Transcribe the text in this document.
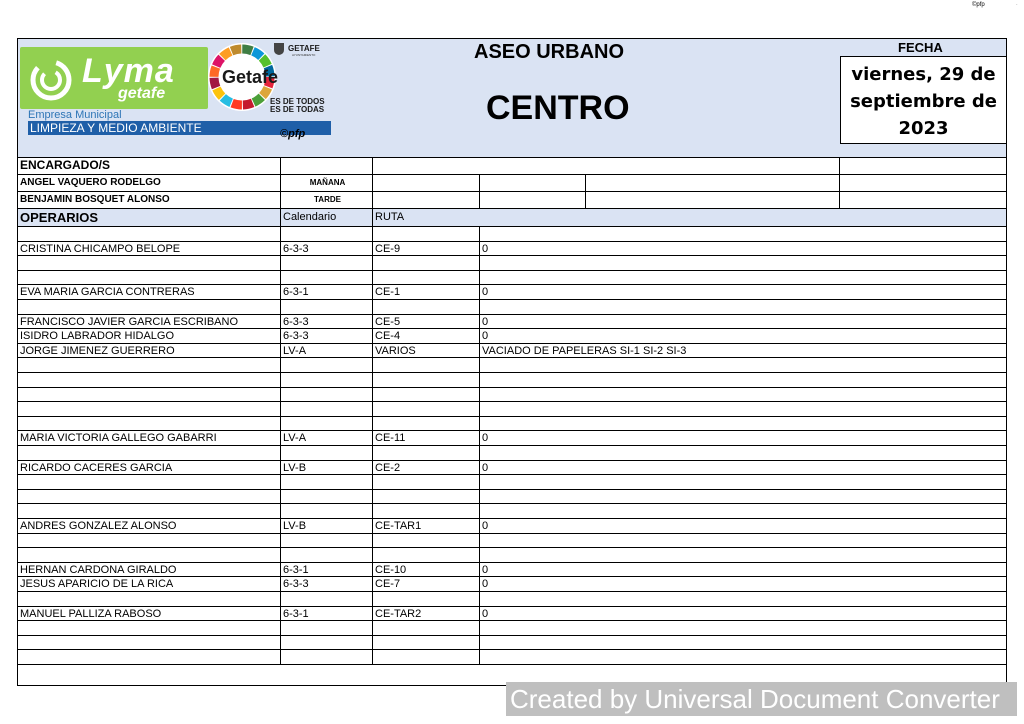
©pfp	.
Lyma
getafe
Empresa Municipal
LIMPIEZA Y MEDIO AMBIENTE
Getafe
GETAFE
AYUNTAMIENTO
ES DE TODOS
ES DE TODAS
©pfp
ASEO URBANO
CENTRO
FECHA
viernes, 29 de
septiembre de
2023
ENCARGADO/S
ANGEL VAQUERO RODELGO	MAÑANA
BENJAMIN BOSQUET ALONSO	TARDE
OPERARIOS	Calendario	RUTA
CRISTINA CHICAMPO BELOPE	6-3-3	CE-9	0
EVA MARIA GARCIA CONTRERAS	6-3-1	CE-1	0
FRANCISCO JAVIER GARCIA ESCRIBANO	6-3-3	CE-5	0
ISIDRO LABRADOR HIDALGO	6-3-3	CE-4	0
JORGE JIMENEZ GUERRERO	LV-A	VARIOS	VACIADO DE PAPELERAS SI-1 SI-2 SI-3
MARIA VICTORIA GALLEGO GABARRI	LV-A	CE-11	0
RICARDO CACERES GARCIA	LV-B	CE-2	0
ANDRES GONZALEZ ALONSO	LV-B	CE-TAR1	0
HERNAN CARDONA GIRALDO	6-3-1	CE-10	0
JESUS APARICIO DE LA RICA	6-3-3	CE-7	0
MANUEL PALLIZA RABOSO	6-3-1	CE-TAR2	0
Created by Universal Document Converter
